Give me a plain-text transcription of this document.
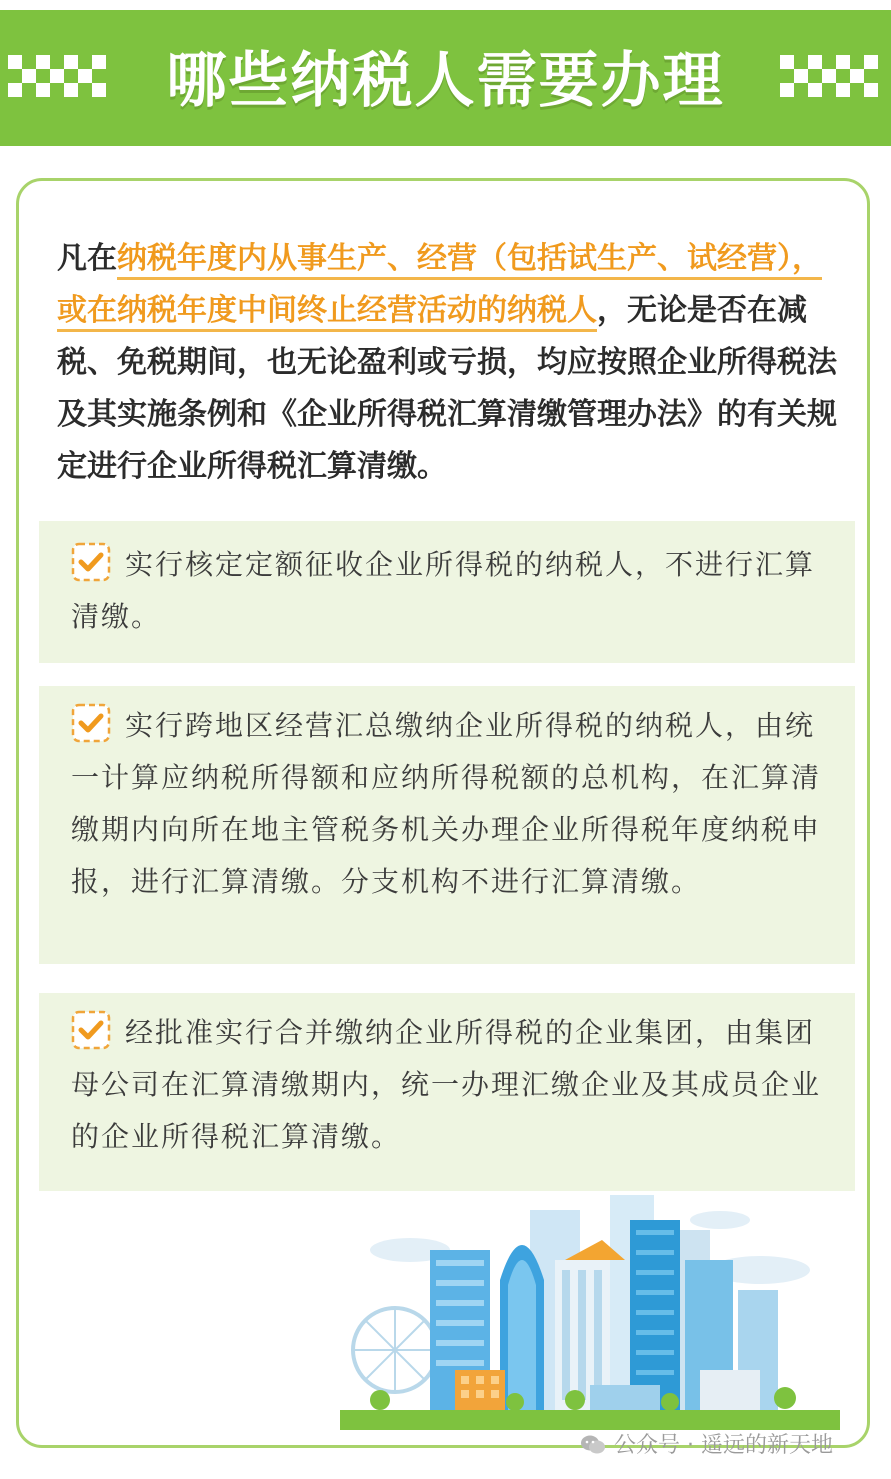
哪些纳税人需要办理
凡在纳税年度内从事生产、经营（包括试生产、试经营），或在纳税年度中间终止经营活动的纳税人，无论是否在减税、免税期间，也无论盈利或亏损，均应按照企业所得税法及其实施条例和《企业所得税汇算清缴管理办法》的有关规定进行企业所得税汇算清缴。
实行核定定额征收企业所得税的纳税人，不进行汇算清缴。
实行跨地区经营汇总缴纳企业所得税的纳税人，由统一计算应纳税所得额和应纳所得税额的总机构，在汇算清缴期内向所在地主管税务机关办理企业所得税年度纳税申报，进行汇算清缴。分支机构不进行汇算清缴。
经批准实行合并缴纳企业所得税的企业集团，由集团母公司在汇算清缴期内，统一办理汇缴企业及其成员企业的企业所得税汇算清缴。
公众号 · 遥远的新天地
